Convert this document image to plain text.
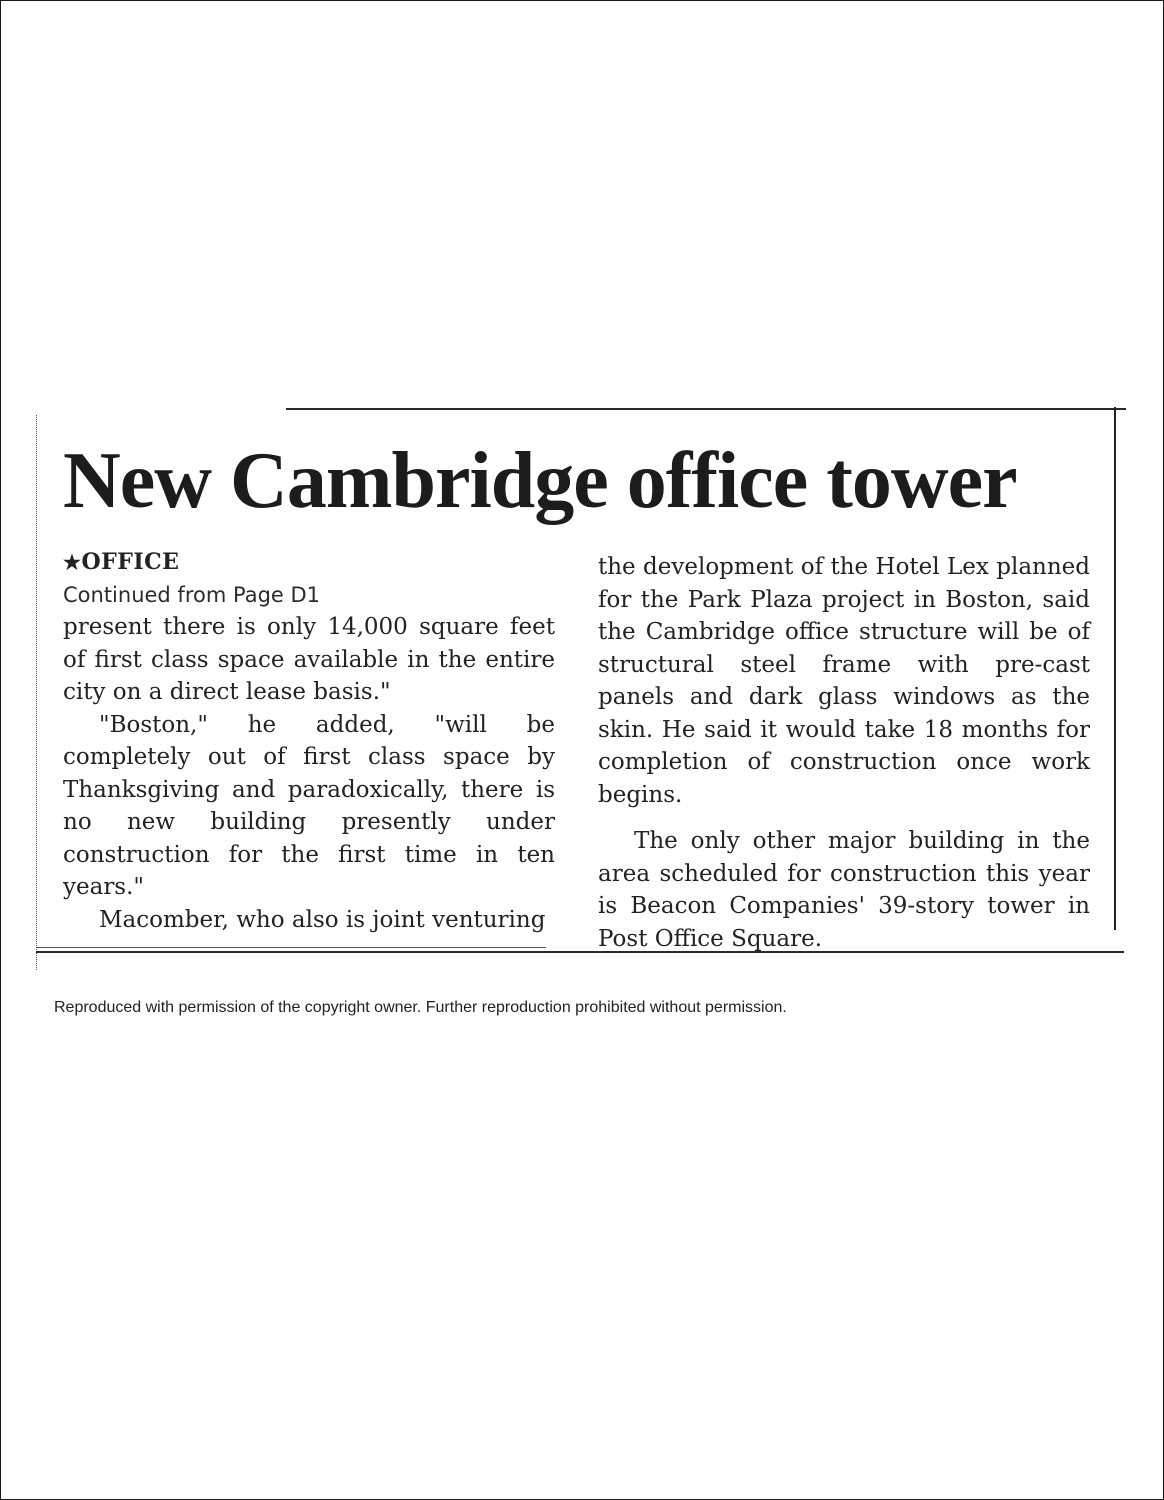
New Cambridge office tower

★OFFICE

Continued from Page D1

present there is only 14,000 square feet of first class space available in the entire city on a direct lease basis."

"Boston," he added, "will be completely out of first class space by Thanksgiving and paradoxically, there is no new building presently under construction for the first time in ten years."

Macomber, who also is joint venturing

the development of the Hotel Lex planned for the Park Plaza project in Boston, said the Cambridge office structure will be of structural steel frame with pre-cast panels and dark glass windows as the skin. He said it would take 18 months for completion of construction once work begins.

The only other major building in the area scheduled for construction this year is Beacon Companies' 39-story tower in Post Office Square.

Reproduced with permission of the copyright owner. Further reproduction prohibited without permission.
